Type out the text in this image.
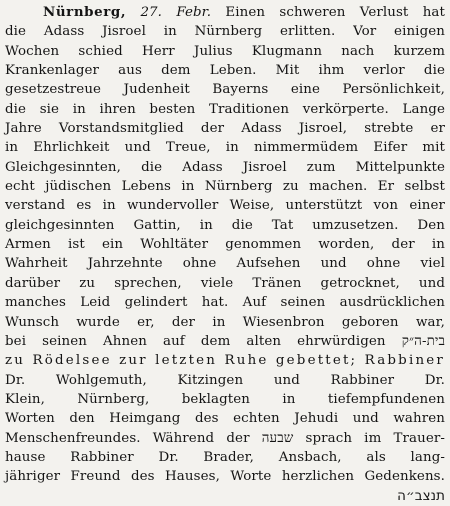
Nürnberg, 27. Febr. Einen schweren Verlust hat
die Adass Jisroel in Nürnberg erlitten. Vor einigen
Wochen schied Herr Julius Klugmann nach kurzem
Krankenlager aus dem Leben. Mit ihm verlor die
gesetzestreue Judenheit Bayerns eine Persönlichkeit,
die sie in ihren besten Traditionen verkörperte. Lange
Jahre Vorstandsmitglied der Adass Jisroel, strebte er
in Ehrlichkeit und Treue, in nimmermüdem Eifer mit
Gleichgesinnten, die Adass Jisroel zum Mittelpunkte
echt jüdischen Lebens in Nürnberg zu machen. Er selbst
verstand es in wundervoller Weise, unterstützt von einer
gleichgesinnten Gattin, in die Tat umzusetzen. Den
Armen ist ein Wohltäter genommen worden, der in
Wahrheit Jahrzehnte ohne Aufsehen und ohne viel
darüber zu sprechen, viele Tränen getrocknet, und
manches Leid gelindert hat. Auf seinen ausdrücklichen
Wunsch wurde er, der in Wiesenbron geboren war,
bei seinen Ahnen auf dem alten ehrwürdigen בית-ה״ק
zu Rödelsee zur letzten Ruhe gebettet; Rabbiner
Dr. Wohlgemuth, Kitzingen und Rabbiner Dr.
Klein, Nürnberg, beklagten in tiefempfundenen
Worten den Heimgang des echten Jehudi und wahren
Menschenfreundes. Während der שבעה sprach im Trauer-
hause Rabbiner Dr. Brader, Ansbach, als lang-
jähriger Freund des Hauses, Worte herzlichen Gedenkens.
תנצב״ה
